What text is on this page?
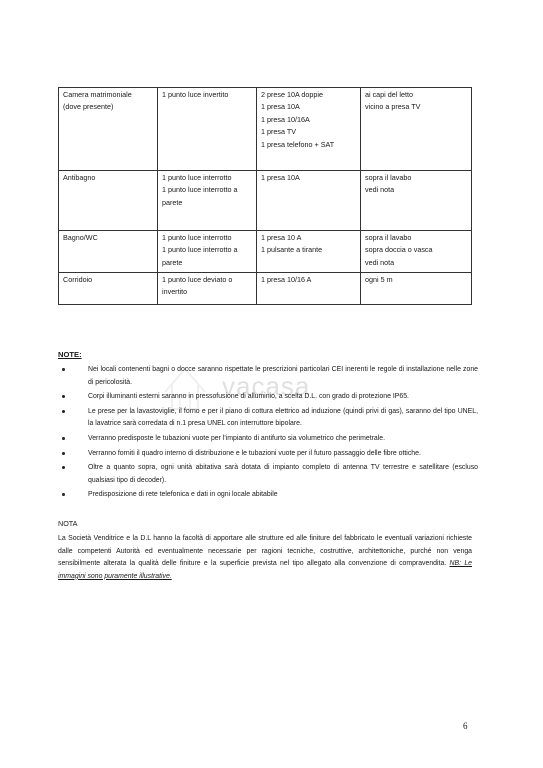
Camera matrimoniale
(dove presente)	1 punto luce invertito	2 prese 10A doppie
1 presa 10A
1 presa 10/16A
1 presa TV
1 presa telefono + SAT	ai capi del letto
vicino a presa TV

Antibagno	1 punto luce interrotto
1 punto luce interrotto a
parete	1 presa 10A	sopra il lavabo
vedi nota

Bagno/WC	1 punto luce interrotto
1 punto luce interrotto a
parete	1 presa 10 A
1 pulsante a tirante	sopra il lavabo
sopra doccia o vasca
vedi nota

Corridoio	1 punto luce deviato o
invertito	1 presa 10/16 A	ogni 5 m
vacasa
NOTE:
Nei locali contenenti bagni o docce saranno rispettate le prescrizioni particolari CEI inerenti le regole di installazione nelle zone di pericolosità.
Corpi illuminanti esterni saranno in pressofusione di alluminio, a scelta D.L. con grado di protezione IP65.
Le prese per la lavastoviglie, il forno e per il piano di cottura elettrico ad induzione (quindi privi di gas), saranno del tipo UNEL, la lavatrice sarà corredata di n.1 presa UNEL con interruttore bipolare.
Verranno predisposte le tubazioni vuote per l'impianto di antifurto sia volumetrico che perimetrale.
Verranno forniti il quadro interno di distribuzione e le tubazioni vuote per il futuro passaggio delle fibre ottiche.
Oltre a quanto sopra, ogni unità abitativa sarà dotata di impianto completo di antenna TV terrestre e satellitare (escluso qualsiasi tipo di decoder).
Predisposizione di rete telefonica e dati in ogni locale abitabile
NOTA
La Società Venditrice e la D.L hanno la facoltà di apportare alle strutture ed alle finiture del fabbricato le eventuali variazioni richieste dalle competenti Autorità ed eventualmente necessarie per ragioni tecniche, costruttive, architettoniche, purché non venga sensibilmente alterata la qualità delle finiture e la superficie prevista nel tipo allegato alla convenzione di compravendita. NB: Le immagini sono puramente illustrative.
6
